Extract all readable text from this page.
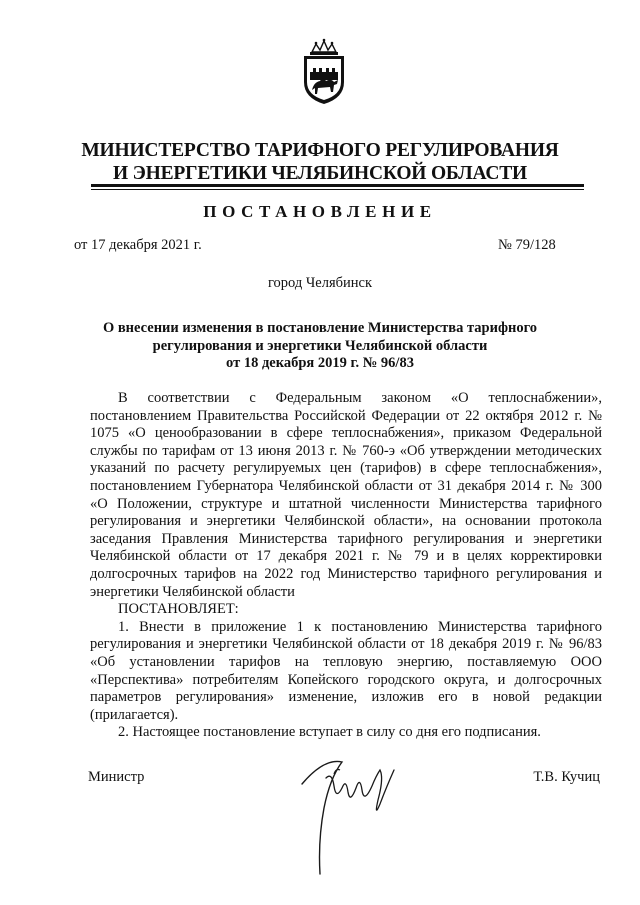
МИНИСТЕРСТВО ТАРИФНОГО РЕГУЛИРОВАНИЯ
И ЭНЕРГЕТИКИ ЧЕЛЯБИНСКОЙ ОБЛАСТИ
ПОСТАНОВЛЕНИЕ
от 17 декабря 2021 г.	№ 79/128
город Челябинск
О внесении изменения в постановление Министерства тарифного
регулирования и энергетики Челябинской области
от 18 декабря 2019 г. № 96/83

В соответствии с Федеральным законом «О теплоснабжении», постановлением Правительства Российской Федерации от 22 октября 2012 г. № 1075 «О ценообразовании в сфере теплоснабжения», приказом Федеральной службы по тарифам от 13 июня 2013 г. № 760-э «Об утверждении методических указаний по расчету регулируемых цен (тарифов) в сфере теплоснабжения», постановлением Губернатора Челябинской области от 31 декабря 2014 г. № 300 «О Положении, структуре и штатной численности Министерства тарифного регулирования и энергетики Челябинской области», на основании протокола заседания Правления Министерства тарифного регулирования и энергетики Челябинской области от 17 декабря 2021 г. № 79 и в целях корректировки долгосрочных тарифов на 2022 год Министерство тарифного регулирования и энергетики Челябинской области

ПОСТАНОВЛЯЕТ:

1. Внести в приложение 1 к постановлению Министерства тарифного регулирования и энергетики Челябинской области от 18 декабря 2019 г. № 96/83 «Об установлении тарифов на тепловую энергию, поставляемую ООО «Перспектива» потребителям Копейского городского округа, и долгосрочных параметров регулирования» изменение, изложив его в новой редакции (прилагается).

2. Настоящее постановление вступает в силу со дня его подписания.

Министр	Т.В. Кучиц
